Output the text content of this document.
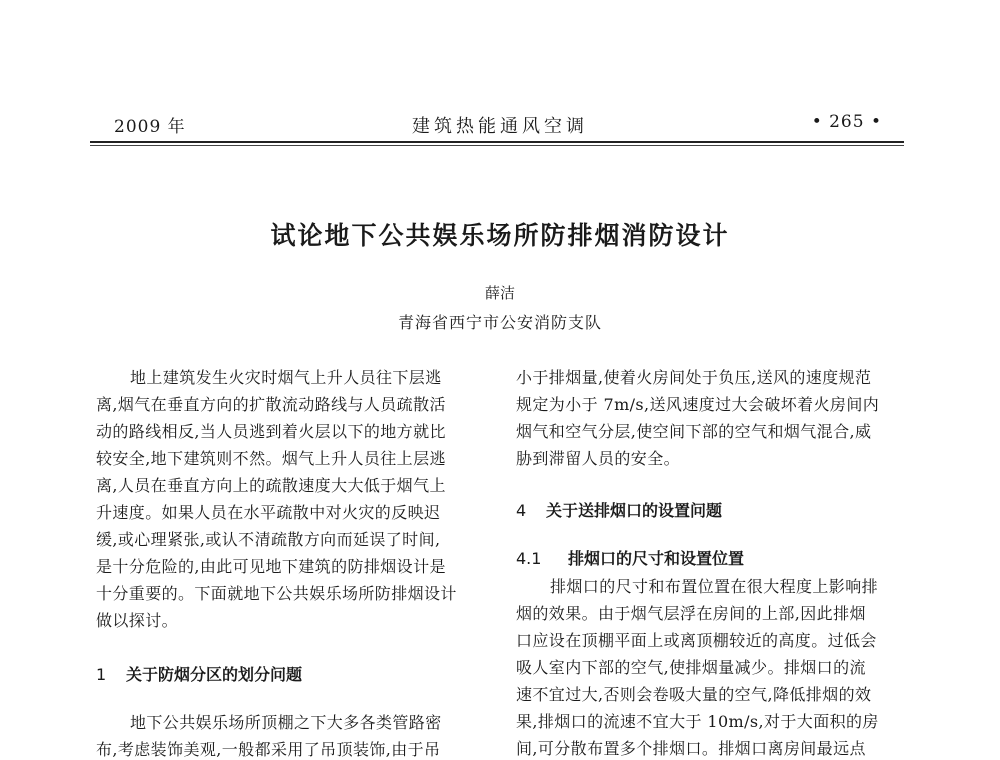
2009 年	建筑热能通风空调	• 265 •
试论地下公共娱乐场所防排烟消防设计
薛洁
青海省西宁市公安消防支队
地上建筑发生火灾时烟气上升人员往下层逃
离,烟气在垂直方向的扩散流动路线与人员疏散活
动的路线相反,当人员逃到着火层以下的地方就比
较安全,地下建筑则不然。烟气上升人员往上层逃
离,人员在垂直方向上的疏散速度大大低于烟气上
升速度。如果人员在水平疏散中对火灾的反映迟
缓,或心理紧张,或认不清疏散方向而延误了时间,
是十分危险的,由此可见地下建筑的防排烟设计是
十分重要的。下面就地下公共娱乐场所防排烟设计
做以探讨。
1 关于防烟分区的划分问题
地下公共娱乐场所顶棚之下大多各类管路密
布,考虑装饰美观,一般都采用了吊顶装饰,由于吊
小于排烟量,使着火房间处于负压,送风的速度规范
规定为小于 7m/s,送风速度过大会破坏着火房间内
烟气和空气分层,使空间下部的空气和烟气混合,威
胁到滞留人员的安全。
4 关于送排烟口的设置问题
4.1 排烟口的尺寸和设置位置
排烟口的尺寸和布置位置在很大程度上影响排
烟的效果。由于烟气层浮在房间的上部,因此排烟
口应设在顶棚平面上或离顶棚较近的高度。过低会
吸人室内下部的空气,使排烟量减少。排烟口的流
速不宜过大,否则会卷吸大量的空气,降低排烟的效
果,排烟口的流速不宜大于 10m/s,对于大面积的房
间,可分散布置多个排烟口。排烟口离房间最远点
